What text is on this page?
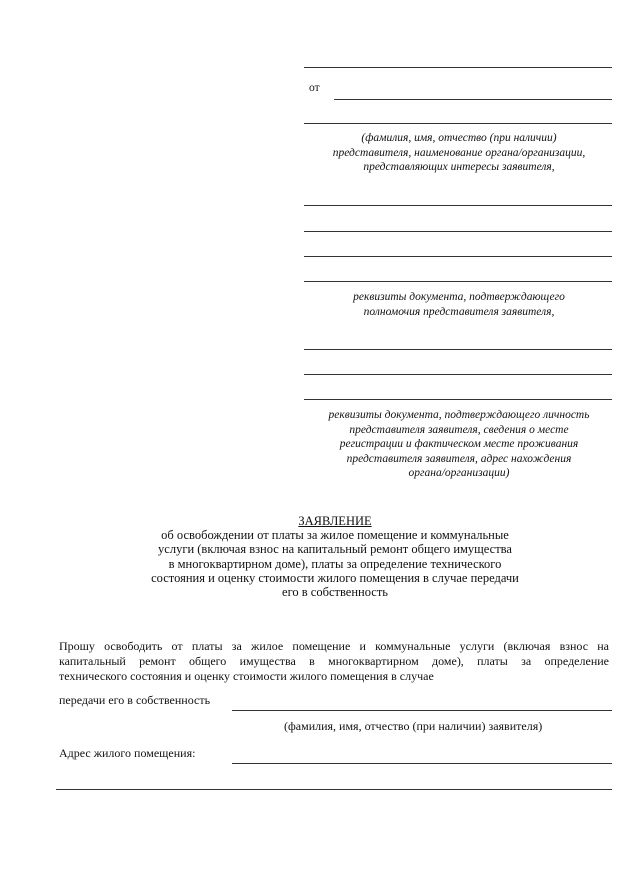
от
(фамилия, имя, отчество (при наличии)
представителя, наименование органа/организации,
представляющих интересы заявителя,
реквизиты документа, подтверждающего
полномочия представителя заявителя,
реквизиты документа, подтверждающего личность
представителя заявителя, сведения о месте
регистрации и фактическом месте проживания
представителя заявителя, адрес нахождения
органа/организации)
ЗАЯВЛЕНИЕ
об освобождении от платы за жилое помещение и коммунальные
услуги (включая взнос на капитальный ремонт общего имущества
в многоквартирном доме), платы за определение технического
состояния и оценку стоимости жилого помещения в случае передачи
его в собственность
Прошу освободить от платы за жилое помещение и коммунальные услуги (включая взнос на
капитальный ремонт общего имущества в многоквартирном доме), платы за определение
технического состояния и оценку стоимости жилого помещения в случае
передачи его в собственность
(фамилия, имя, отчество (при наличии) заявителя)
Адрес жилого помещения:
